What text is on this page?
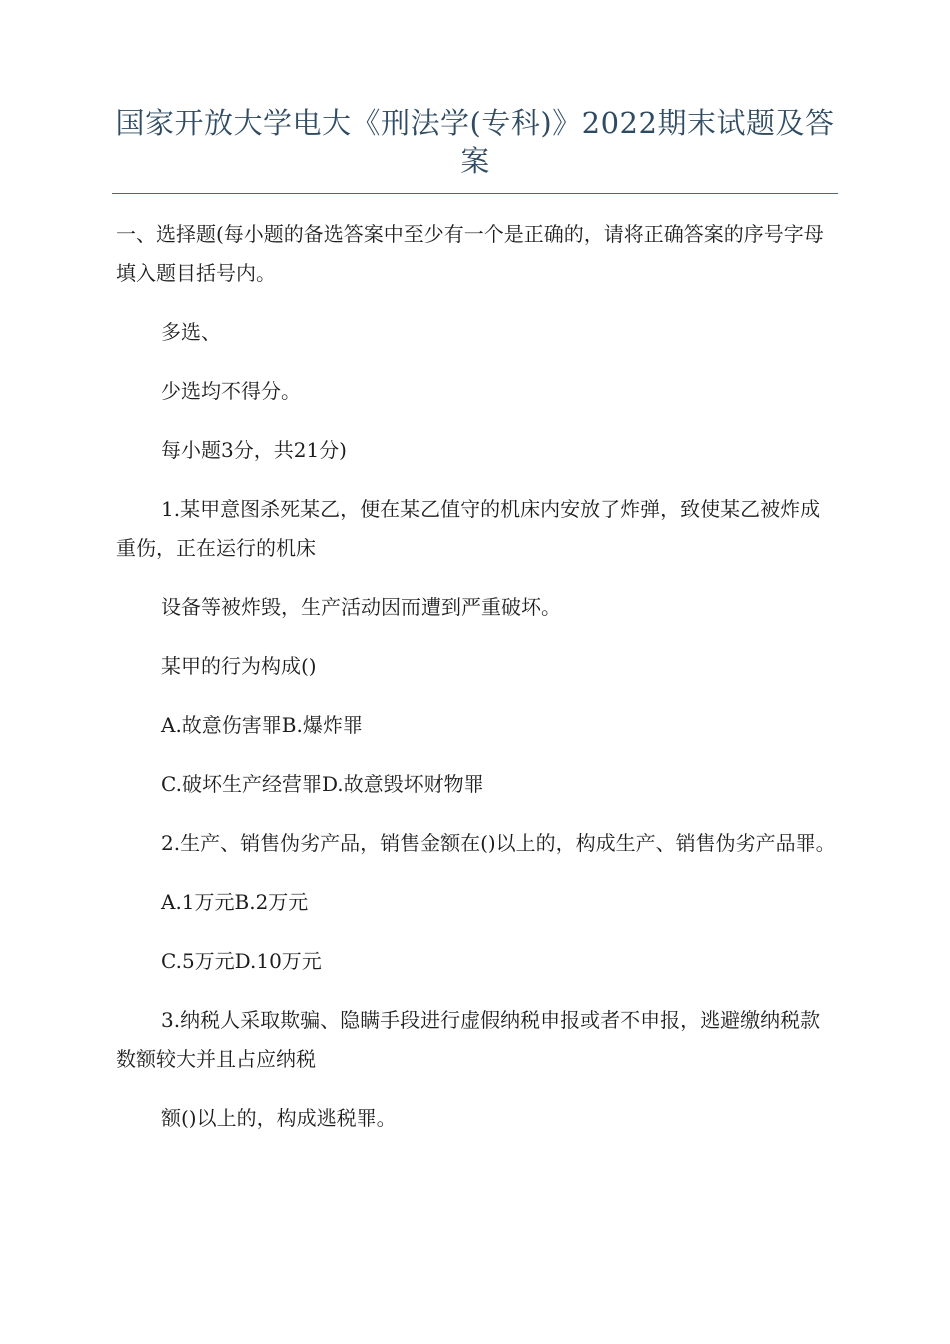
国家开放大学电大《刑法学(专科)》2022期末试题及答案

一、选择题(每小题的备选答案中至少有一个是正确的，请将正确答案的序号字母填入题目括号内。

多选、

少选均不得分。

每小题3分，共21分)

1.某甲意图杀死某乙，便在某乙值守的机床内安放了炸弹，致使某乙被炸成重伤，正在运行的机床

设备等被炸毁，生产活动因而遭到严重破坏。

某甲的行为构成()

A.故意伤害罪B.爆炸罪

C.破坏生产经营罪D.故意毁坏财物罪

2.生产、销售伪劣产品，销售金额在()以上的，构成生产、销售伪劣产品罪。

A.1万元B.2万元

C.5万元D.10万元

3.纳税人采取欺骗、隐瞒手段进行虚假纳税申报或者不申报，逃避缴纳税款数额较大并且占应纳税

额()以上的，构成逃税罪。
